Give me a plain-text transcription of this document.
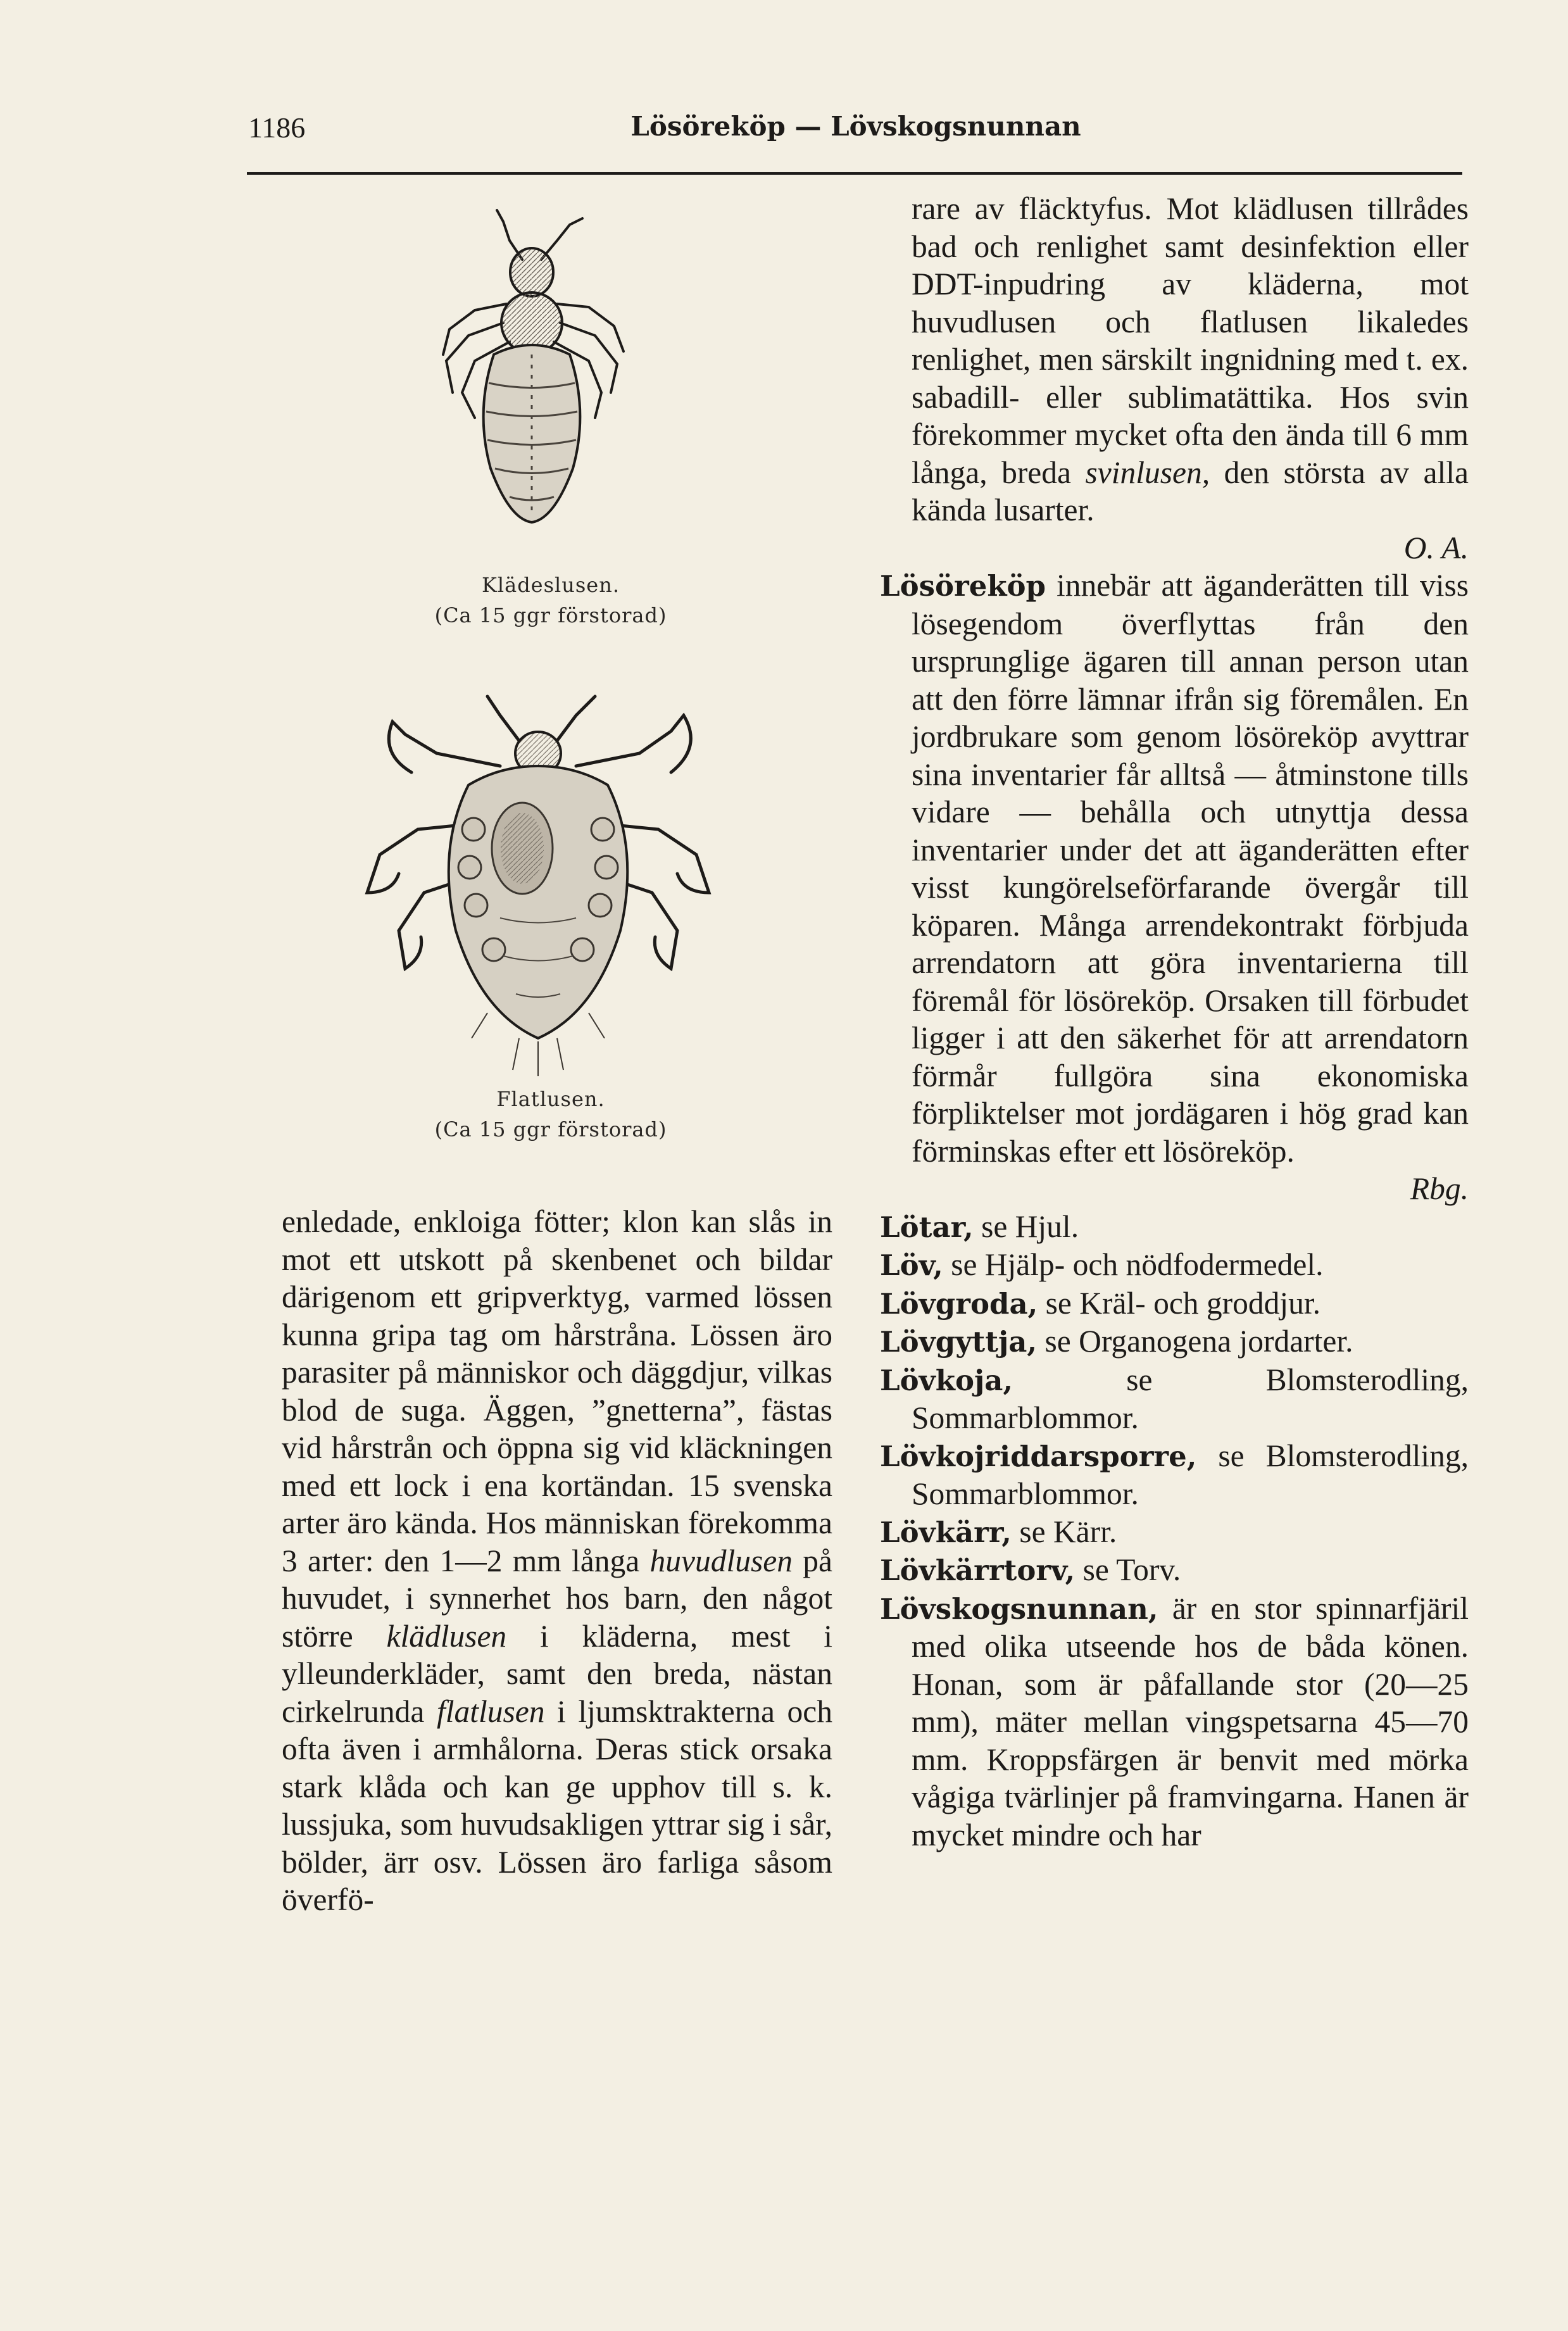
1186	Lösöreköp — Lövskogsnunnan
Klädeslusen.
(Ca 15 ggr förstorad)
Flatlusen.
(Ca 15 ggr förstorad)

enledade, enkloiga fötter; klon kan slås in mot ett utskott på skenbenet och bildar därigenom ett gripverktyg, varmed lössen kunna gripa tag om hårstråna. Lössen äro parasiter på människor och däggdjur, vilkas blod de suga. Äggen, ”gnetterna”, fästas vid hårstrån och öppna sig vid kläckningen med ett lock i ena kortändan. 15 svenska arter äro kända. Hos människan förekomma 3 arter: den 1—2 mm långa huvudlusen på huvudet, i synnerhet hos barn, den något större klädlusen i kläderna, mest i ylleunderkläder, samt den breda, nästan cirkelrunda flatlusen i ljumsktrakterna och ofta även i armhålorna. Deras stick orsaka stark klåda och kan ge upphov till s. k. lussjuka, som huvudsakligen yttrar sig i sår, bölder, ärr osv. Lössen äro farliga såsom överfö-

rare av fläcktyfus. Mot klädlusen tillrådes bad och renlighet samt desinfektion eller DDT-inpudring av kläderna, mot huvudlusen och flatlusen likaledes renlighet, men särskilt ingnidning med t. ex. sabadill- eller sublimatättika. Hos svin förekommer mycket ofta den ända till 6 mm långa, breda svinlusen, den största av alla kända lusarter.
O. A.

Lösöreköp innebär att äganderätten till viss lösegendom överflyttas från den ursprunglige ägaren till annan person utan att den förre lämnar ifrån sig föremålen. En jordbrukare som genom lösöreköp avyttrar sina inventarier får alltså — åtminstone tills vidare — behålla och utnyttja dessa inventarier under det att äganderätten efter visst kungörelseförfarande övergår till köparen. Många arrendekontrakt förbjuda arrendatorn att göra inventarierna till föremål för lösöreköp. Orsaken till förbudet ligger i att den säkerhet för att arrendatorn förmår fullgöra sina ekonomiska förpliktelser mot jordägaren i hög grad kan förminskas efter ett lösöreköp.
Rbg.

Lötar, se Hjul.

Löv, se Hjälp- och nödfodermedel.

Lövgroda, se Kräl- och groddjur.

Lövgyttja, se Organogena jordarter.

Lövkoja, se Blomsterodling, Sommarblommor.

Lövkojriddarsporre, se Blomsterodling, Sommarblommor.

Lövkärr, se Kärr.

Lövkärrtorv, se Torv.

Lövskogsnunnan, är en stor spinnarfjäril med olika utseende hos de båda könen. Honan, som är påfallande stor (20—25 mm), mäter mellan vingspetsarna 45—70 mm. Kroppsfärgen är benvit med mörka vågiga tvärlinjer på framvingarna. Hanen är mycket mindre och har
